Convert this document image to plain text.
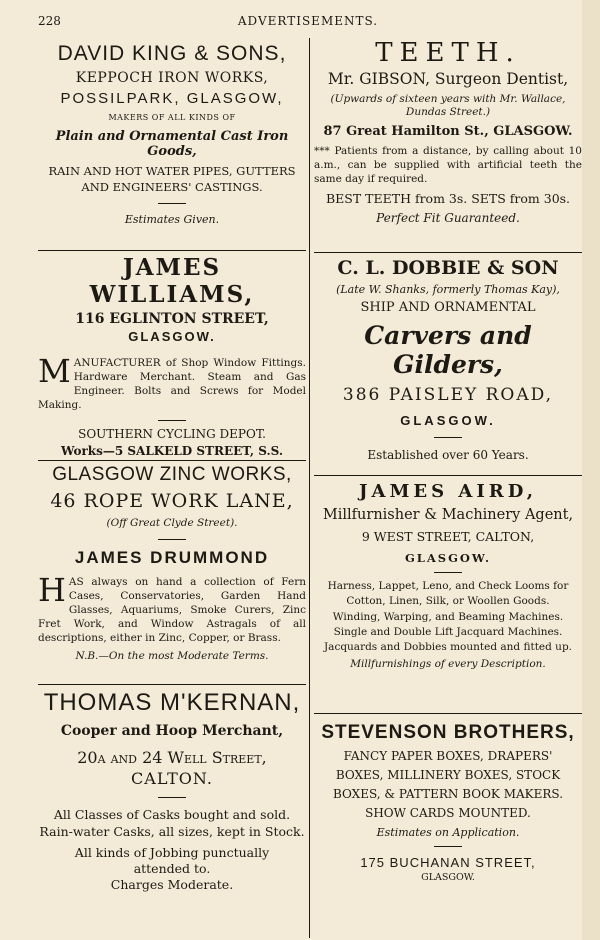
228	ADVERTISEMENTS.
DAVID KING & SONS,
KEPPOCH IRON WORKS,
POSSILPARK, GLASGOW,
MAKERS OF ALL KINDS OF
Plain and Ornamental Cast Iron Goods,
RAIN AND HOT WATER PIPES, GUTTERS
AND ENGINEERS' CASTINGS.
Estimates Given.
JAMES WILLIAMS,
116 EGLINTON STREET,
GLASGOW.
MANUFACTURER of Shop Window Fittings. Hardware Merchant. Steam and Gas Engineer. Bolts and Screws for Model Making.
SOUTHERN CYCLING DEPOT.
Works—5 SALKELD STREET, S.S.
GLASGOW ZINC WORKS,
46 ROPE WORK LANE,
(Off Great Clyde Street).
JAMES DRUMMOND
HAS always on hand a collection of Fern Cases, Conservatories, Garden Hand Glasses, Aquariums, Smoke Curers, Zinc Fret Work, and Window Astragals of all descriptions, either in Zinc, Copper, or Brass.
N.B.—On the most Moderate Terms.
THOMAS M'KERNAN,
Cooper and Hoop Merchant,
20a and 24 Well Street,
CALTON.
All Classes of Casks bought and sold.
Rain-water Casks, all sizes, kept in Stock.
All kinds of Jobbing punctually
attended to.
Charges Moderate.
TEETH.
Mr. GIBSON, Surgeon Dentist,
(Upwards of sixteen years with Mr. Wallace,
Dundas Street.)
87 Great Hamilton St., GLASGOW.
*** Patients from a distance, by calling about 10 a.m., can be supplied with artificial teeth the same day if required.
BEST TEETH from 3s. SETS from 30s.
Perfect Fit Guaranteed.
C. L. DOBBIE & SON
(Late W. Shanks, formerly Thomas Kay),
SHIP AND ORNAMENTAL
Carvers and Gilders,
386 PAISLEY ROAD,
GLASGOW.
Established over 60 Years.
JAMES AIRD,
Millfurnisher & Machinery Agent,
9 WEST STREET, CALTON,
GLASGOW.
Harness, Lappet, Leno, and Check Looms for
Cotton, Linen, Silk, or Woollen Goods.
Winding, Warping, and Beaming Machines.
Single and Double Lift Jacquard Machines.
Jacquards and Dobbies mounted and fitted up.
Millfurnishings of every Description.
STEVENSON BROTHERS,
FANCY PAPER BOXES, DRAPERS'
BOXES, MILLINERY BOXES, STOCK
BOXES, & PATTERN BOOK MAKERS.
SHOW CARDS MOUNTED.
Estimates on Application.
175 BUCHANAN STREET,
GLASGOW.
